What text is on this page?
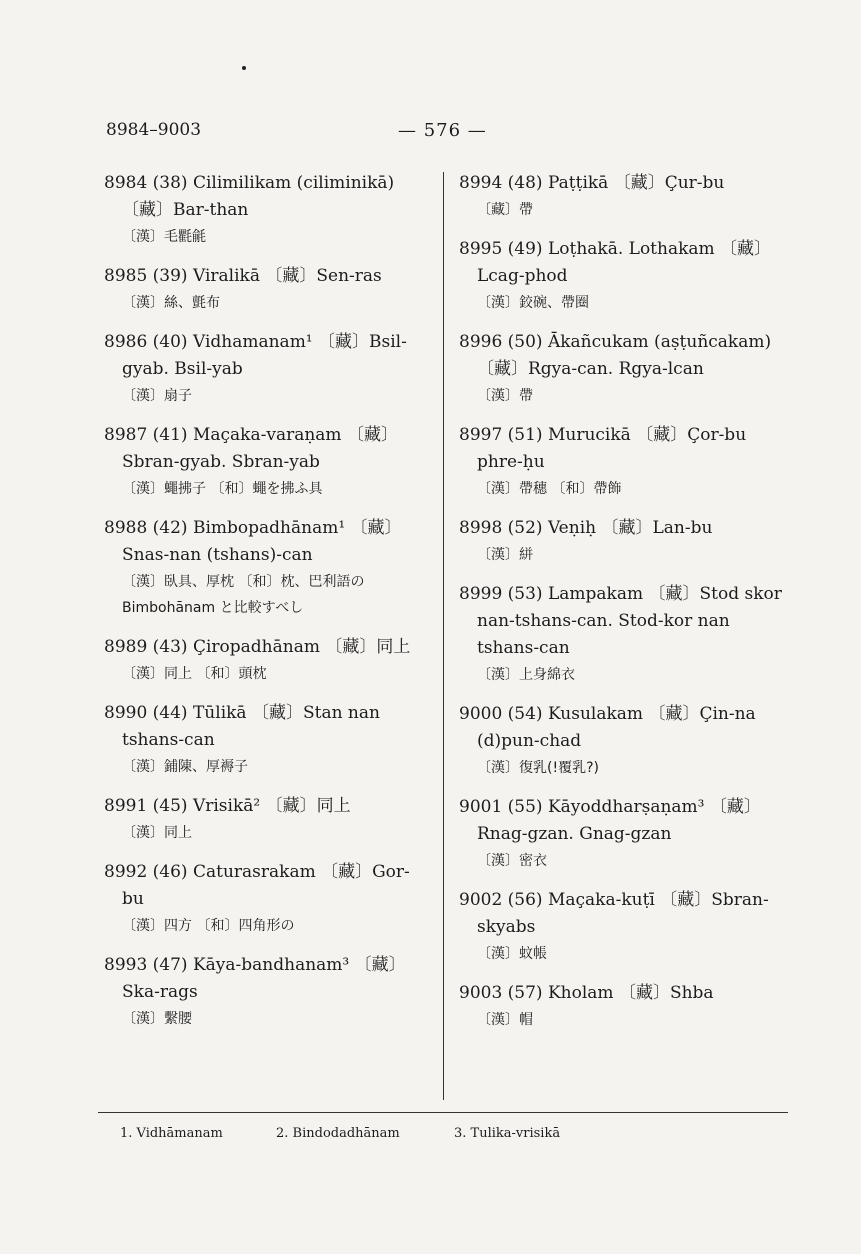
8984–9003	— 576 —
8984 (38) Cilimilikam (ciliminikā)
〔藏〕Bar-than
〔漢〕毛氍毹
8985 (39) Viralikā 〔藏〕Sen-ras
〔漢〕絲、氈布
8986 (40) Vidhamanam¹ 〔藏〕Bsil-
gyab. Bsil-yab
〔漢〕扇子
8987 (41) Maçaka-varaṇam 〔藏〕
Sbran-gyab. Sbran-yab
〔漢〕蠅拂子 〔和〕蠅を拂ふ具
8988 (42) Bimbopadhānam¹ 〔藏〕
Snas-nan (tshans)-can
〔漢〕臥具、厚枕 〔和〕枕、巴利語の
Bimbohānam と比較すべし
8989 (43) Çiropadhānam 〔藏〕同上
〔漢〕同上 〔和〕頭枕
8990 (44) Tūlikā 〔藏〕Stan nan
tshans-can
〔漢〕鋪陳、厚褥子
8991 (45) Vrisikā² 〔藏〕同上
〔漢〕同上
8992 (46) Caturasrakam 〔藏〕Gor-
bu
〔漢〕四方 〔和〕四角形の
8993 (47) Kāya-bandhanam³ 〔藏〕
Ska-rags
〔漢〕繫腰
8994 (48) Paṭṭikā 〔藏〕Çur-bu
〔藏〕帶
8995 (49) Loṭhakā. Lothakam 〔藏〕
Lcag-phod
〔漢〕鉸碗、帶圈
8996 (50) Ākañcukam (aṣṭuñcakam)
〔藏〕Rgya-can. Rgya-lcan
〔漢〕帶
8997 (51) Murucikā 〔藏〕Çor-bu
phre-ḥu
〔漢〕帶穗 〔和〕帶飾
8998 (52) Veṇiḥ 〔藏〕Lan-bu
〔漢〕絣
8999 (53) Lampakam 〔藏〕Stod skor
nan-tshans-can. Stod-kor nan
tshans-can
〔漢〕上身綿衣
9000 (54) Kusulakam 〔藏〕Çin-na
(d)pun-chad
〔漢〕復乳(!覆乳?)
9001 (55) Kāyoddharṣaṇam³ 〔藏〕
Rnag-gzan. Gnag-gzan
〔漢〕密衣
9002 (56) Maçaka-kuṭī 〔藏〕Sbran-
skyabs
〔漢〕蚊帳
9003 (57) Kholam 〔藏〕Shba
〔漢〕帽
1. Vidhāmanam	2. Bindodadhānam	3. Tulika-vrisikā
